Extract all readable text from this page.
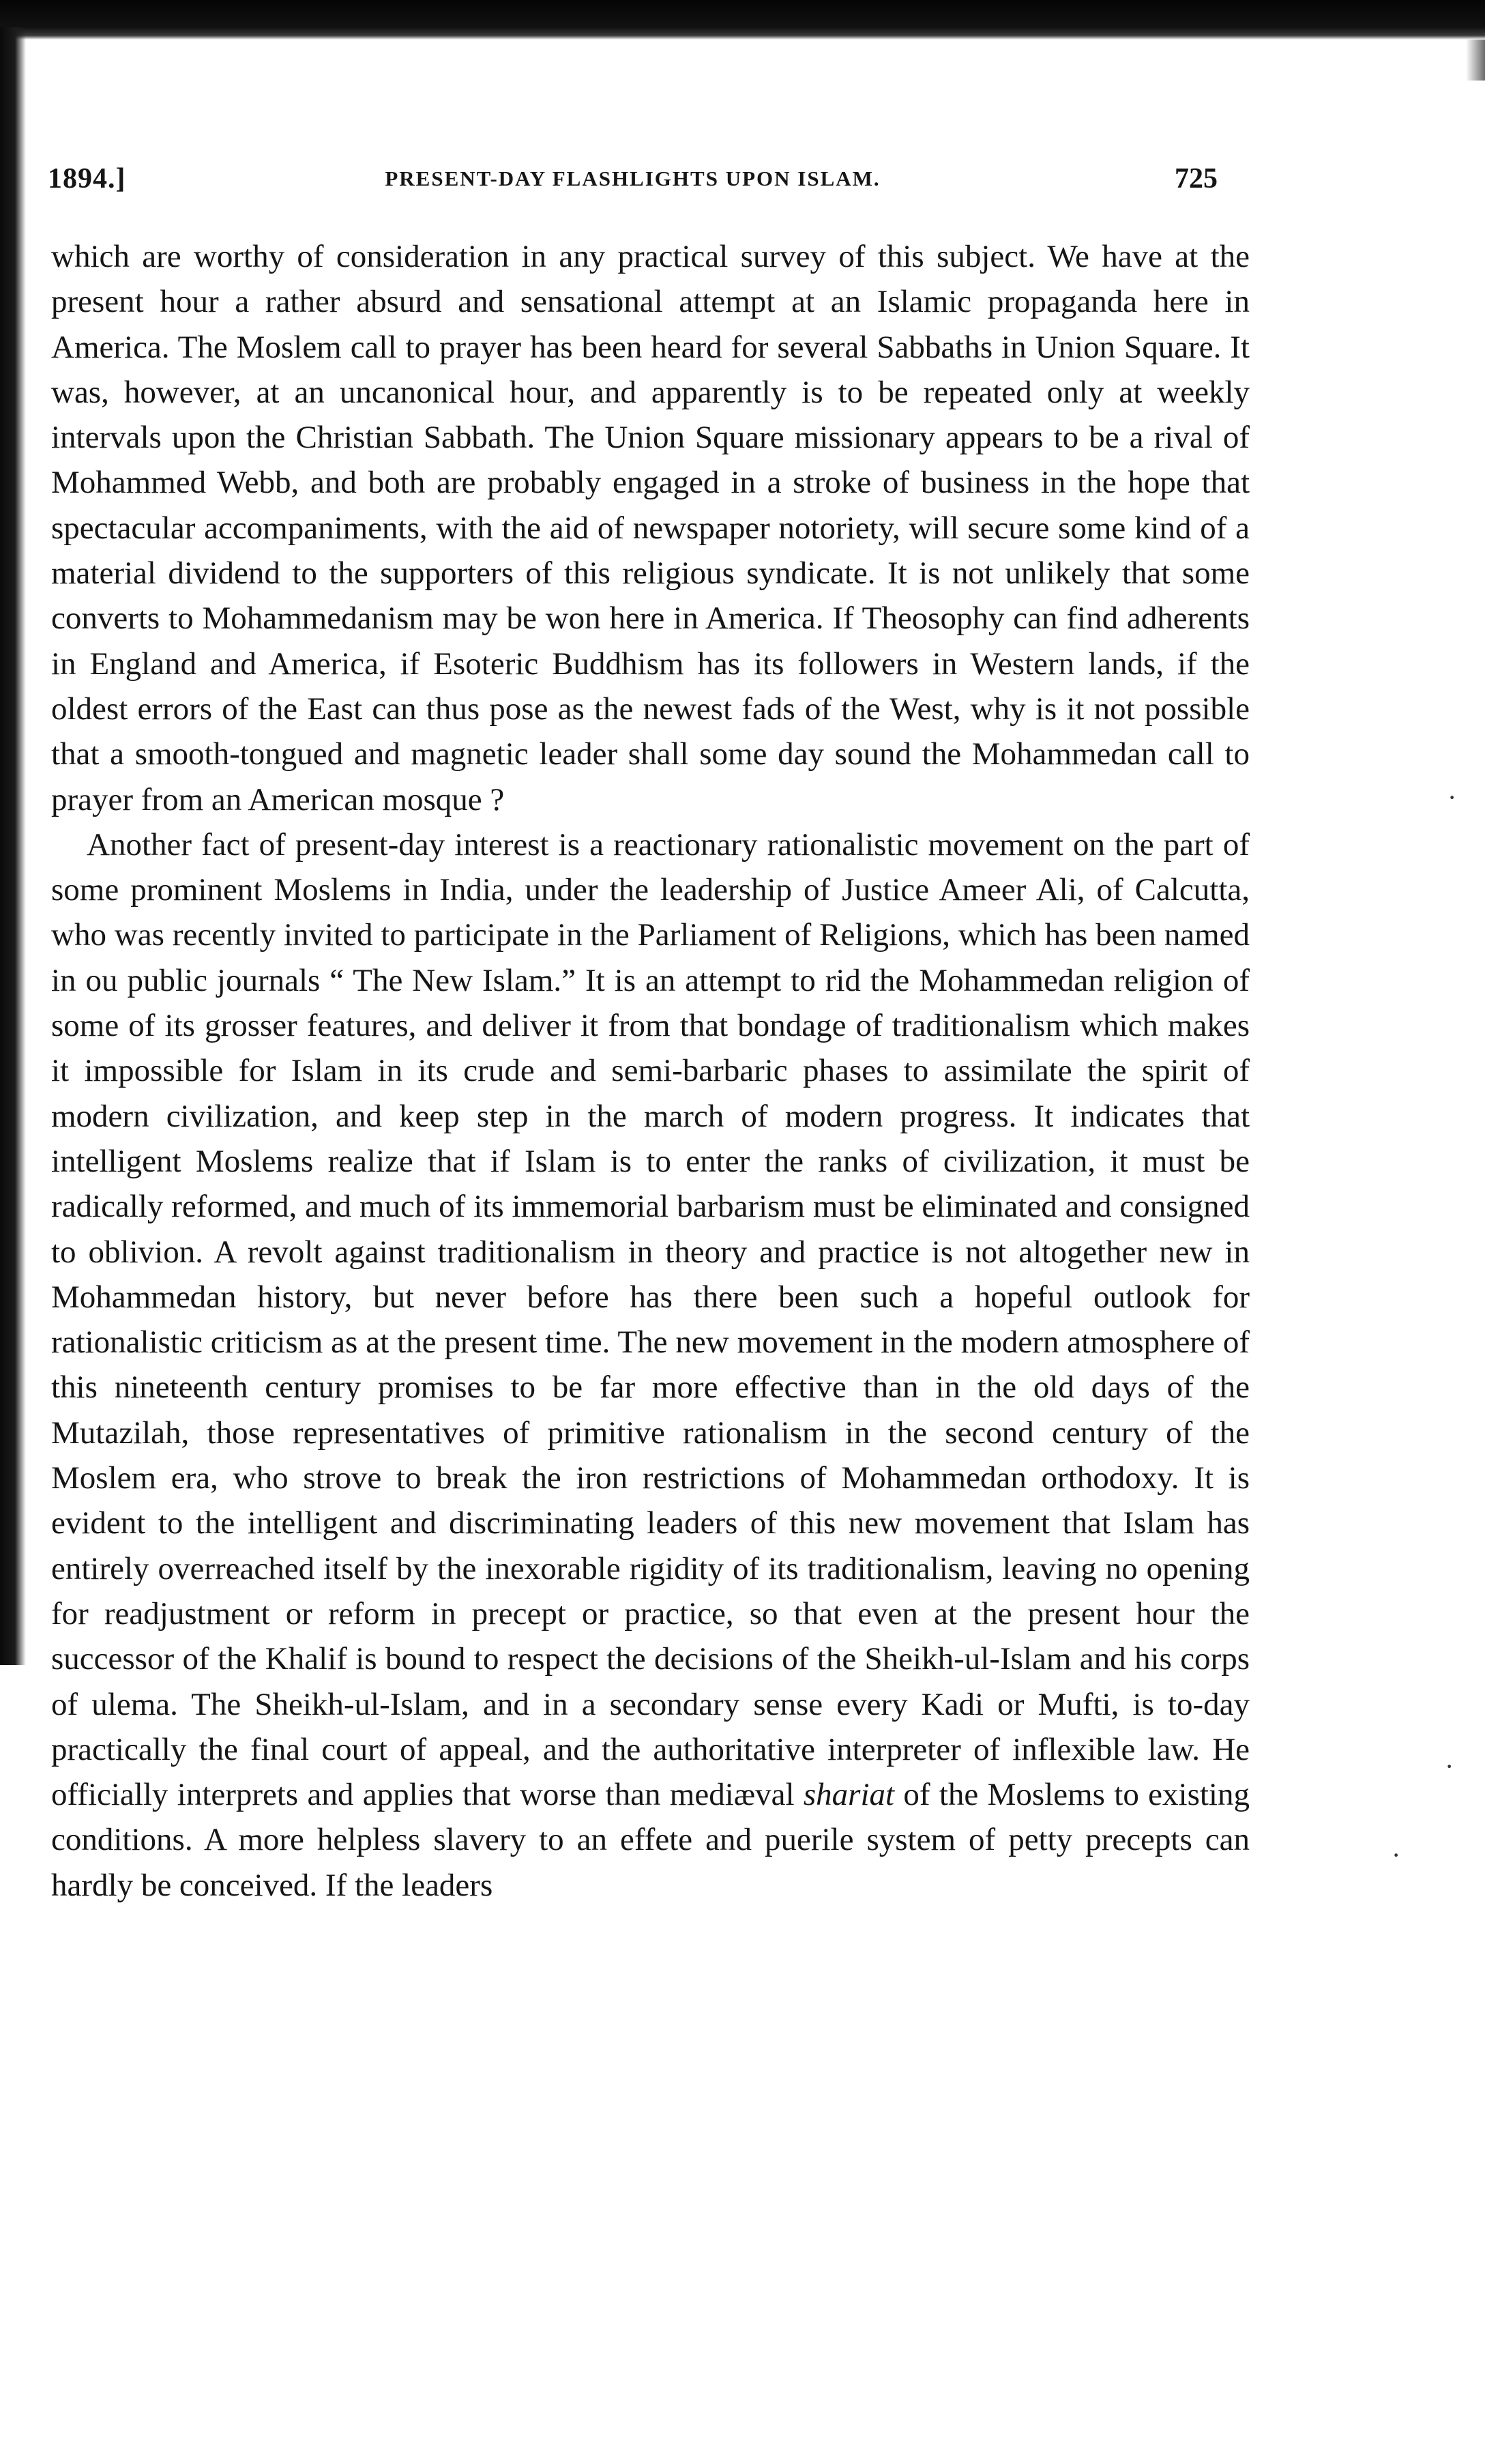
1894.]	PRESENT-DAY FLASHLIGHTS UPON ISLAM.	725

which are worthy of consideration in any practical survey of this subject. We have at the present hour a rather absurd and sensational attempt at an Islamic propaganda here in America. The Moslem call to prayer has been heard for several Sabbaths in Union Square. It was, however, at an uncanonical hour, and apparently is to be repeated only at weekly intervals upon the Christian Sabbath. The Union Square missionary appears to be a rival of Mohammed Webb, and both are probably engaged in a stroke of business in the hope that spectacular accompaniments, with the aid of newspaper notoriety, will secure some kind of a material dividend to the supporters of this religious syndicate. It is not unlikely that some converts to Mohammedanism may be won here in America. If Theosophy can find adherents in England and America, if Esoteric Buddhism has its followers in Western lands, if the oldest errors of the East can thus pose as the newest fads of the West, why is it not possible that a smooth-tongued and magnetic leader shall some day sound the Mohammedan call to prayer from an American mosque ?

Another fact of present-day interest is a reactionary rationalistic movement on the part of some prominent Moslems in India, under the leadership of Justice Ameer Ali, of Calcutta, who was recently invited to participate in the Parliament of Religions, which has been named in ou public journals “ The New Islam.” It is an attempt to rid the Mohammedan religion of some of its grosser features, and deliver it from that bondage of traditionalism which makes it impossible for Islam in its crude and semi-barbaric phases to assimilate the spirit of modern civilization, and keep step in the march of modern progress. It indicates that intelligent Moslems realize that if Islam is to enter the ranks of civilization, it must be radically reformed, and much of its immemorial barbarism must be eliminated and consigned to oblivion. A revolt against traditionalism in theory and practice is not altogether new in Mohammedan history, but never before has there been such a hopeful outlook for rationalistic criticism as at the present time. The new movement in the modern atmosphere of this nineteenth century promises to be far more effective than in the old days of the Mutazilah, those representatives of primitive rationalism in the second century of the Moslem era, who strove to break the iron restrictions of Mohammedan orthodoxy. It is evident to the intelligent and discriminating leaders of this new movement that Islam has entirely overreached itself by the inexorable rigidity of its traditionalism, leaving no opening for readjustment or reform in precept or practice, so that even at the present hour the successor of the Khalif is bound to respect the decisions of the Sheikh-ul-Islam and his corps of ulema. The Sheikh-ul-Islam, and in a secondary sense every Kadi or Mufti, is to-day practically the final court of appeal, and the authoritative interpreter of inflexible law. He officially interprets and applies that worse than mediæval shariat of the Moslems to existing conditions. A more helpless slavery to an effete and puerile system of petty precepts can hardly be conceived. If the leaders

·
·
·
